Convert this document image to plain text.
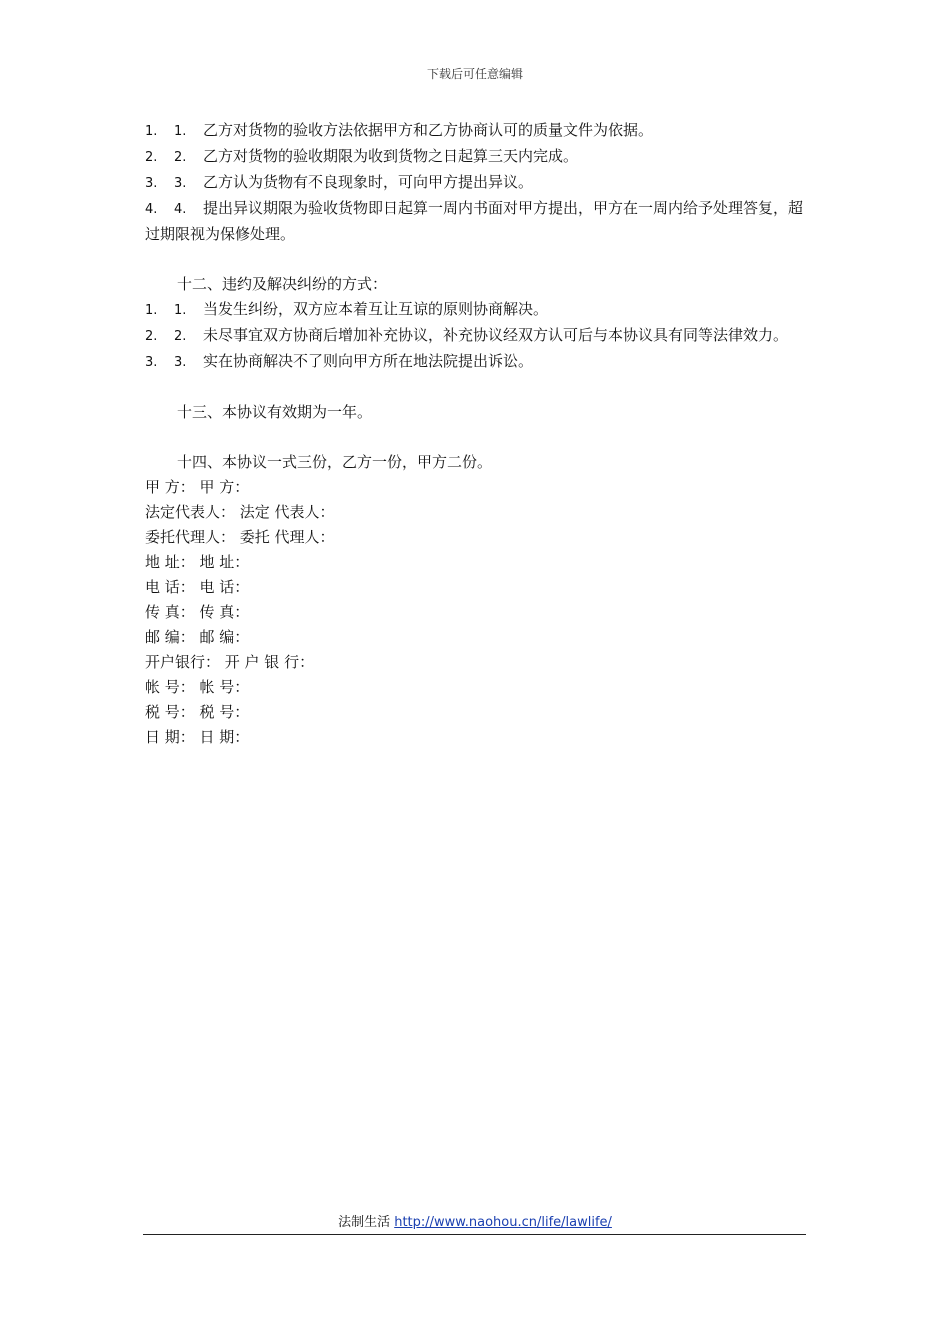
下载后可任意编辑

1. 1. 乙方对货物的验收方法依据甲方和乙方协商认可的质量文件为依据。

2. 2. 乙方对货物的验收期限为收到货物之日起算三天内完成。

3. 3. 乙方认为货物有不良现象时，可向甲方提出异议。

4. 4. 提出异议期限为验收货物即日起算一周内书面对甲方提出，甲方在一周内给予处理答复，超过期限视为保修处理。

十二、违约及解决纠纷的方式：

1. 1. 当发生纠纷，双方应本着互让互谅的原则协商解决。

2. 2. 未尽事宜双方协商后增加补充协议，补充协议经双方认可后与本协议具有同等法律效力。

3. 3. 实在协商解决不了则向甲方所在地法院提出诉讼。

十三、本协议有效期为一年。

十四、本协议一式三份，乙方一份，甲方二份。

甲 方： 甲 方：

法定代表人： 法定 代表人：

委托代理人： 委托 代理人：

地 址： 地 址：

电 话： 电 话：

传 真： 传 真：

邮 编： 邮 编：

开户银行： 开 户 银 行：

帐 号： 帐 号：

税 号： 税 号：

日 期： 日 期：

法制生活 http://www.naohou.cn/life/lawlife/
